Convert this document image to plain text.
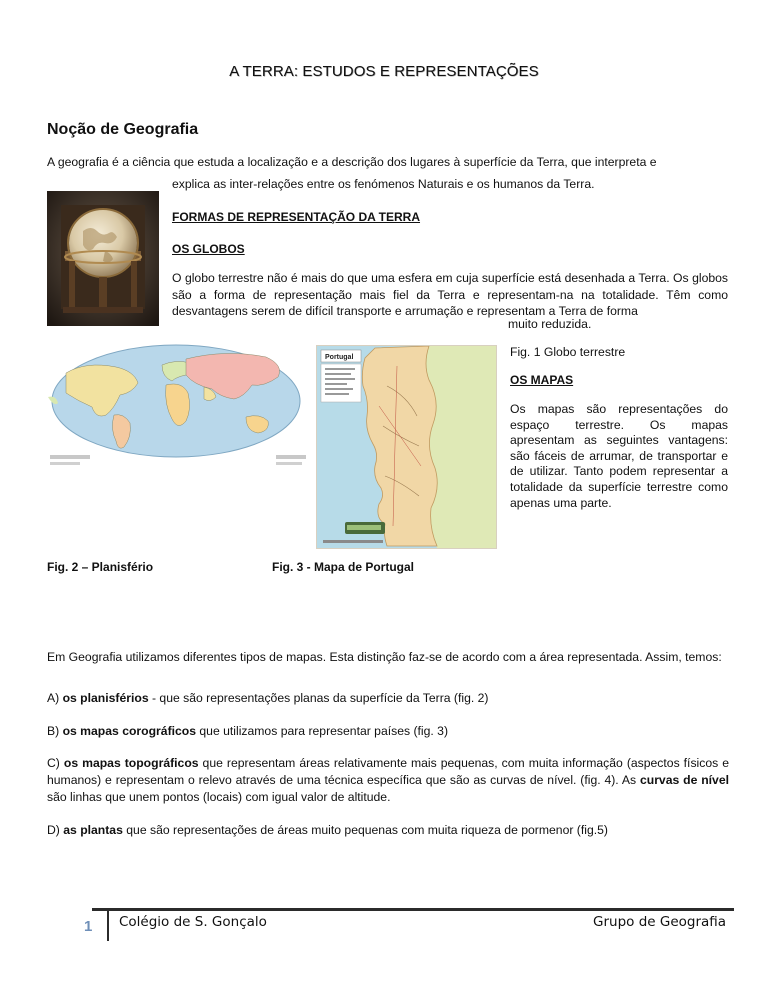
A TERRA: ESTUDOS E REPRESENTAÇÕES
Noção de Geografia
A geografia é a ciência que estuda a localização e a descrição dos lugares à superfície da Terra, que interpreta e
explica as inter-relações entre os fenómenos Naturais e os humanos da Terra.
FORMAS DE REPRESENTAÇÃO DA TERRA
OS GLOBOS
O globo terrestre não é mais do que uma esfera em cuja superfície está desenhada a Terra. Os globos são a forma de representação mais fiel da Terra e representam-na na totalidade. Têm como desvantagens serem de difícil transporte e arrumação e representam a Terra de forma
muito reduzida.
Portugal	Fig. 1 Globo terrestre
OS MAPAS
Os mapas são representações do espaço terrestre. Os mapas apresentam as seguintes vantagens: são fáceis de arrumar, de transportar e de utilizar. Tanto podem representar a totalidade da superfície terrestre como apenas uma parte.
Fig. 2 – Planisfério	Fig. 3 - Mapa de Portugal
Em Geografia utilizamos diferentes tipos de mapas. Esta distinção faz-se de acordo com a área representada. Assim, temos:
A) os planisférios - que são representações planas da superfície da Terra (fig. 2)
B) os mapas corográficos que utilizamos para representar países (fig. 3)
C) os mapas topográficos que representam áreas relativamente mais pequenas, com muita informação (aspectos físicos e humanos) e representam o relevo através de uma técnica específica que são as curvas de nível. (fig. 4). As curvas de nível são linhas que unem pontos (locais) com igual valor de altitude.
D) as plantas que são representações de áreas muito pequenas com muita riqueza de pormenor (fig.5)
1 Colégio de S. Gonçalo	Grupo de Geografia
